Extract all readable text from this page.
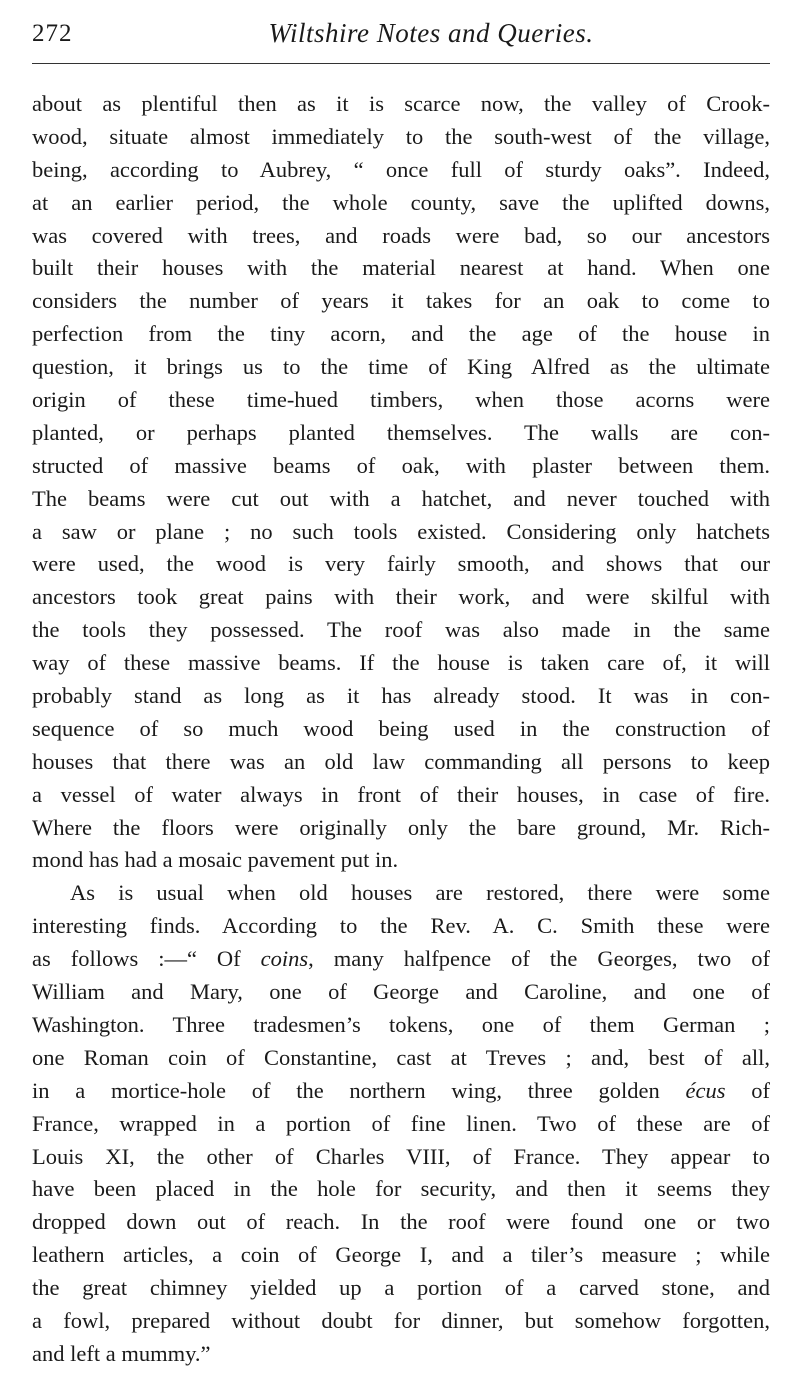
272	Wiltshire Notes and Queries.
about as plentiful then as it is scarce now, the valley of Crook-
wood, situate almost immediately to the south-west of the village,
being, according to Aubrey, “ once full of sturdy oaks”. Indeed,
at an earlier period, the whole county, save the uplifted downs,
was covered with trees, and roads were bad, so our ancestors
built their houses with the material nearest at hand. When one
considers the number of years it takes for an oak to come to
perfection from the tiny acorn, and the age of the house in
question, it brings us to the time of King Alfred as the ultimate
origin of these time-hued timbers, when those acorns were
planted, or perhaps planted themselves. The walls are con-
structed of massive beams of oak, with plaster between them.
The beams were cut out with a hatchet, and never touched with
a saw or plane ; no such tools existed. Considering only hatchets
were used, the wood is very fairly smooth, and shows that our
ancestors took great pains with their work, and were skilful with
the tools they possessed. The roof was also made in the same
way of these massive beams. If the house is taken care of, it will
probably stand as long as it has already stood. It was in con-
sequence of so much wood being used in the construction of
houses that there was an old law commanding all persons to keep
a vessel of water always in front of their houses, in case of fire.
Where the floors were originally only the bare ground, Mr. Rich-
mond has had a mosaic pavement put in.
As is usual when old houses are restored, there were some
interesting finds. According to the Rev. A. C. Smith these were
as follows :—“ Of coins, many halfpence of the Georges, two of
William and Mary, one of George and Caroline, and one of
Washington. Three tradesmen’s tokens, one of them German ;
one Roman coin of Constantine, cast at Treves ; and, best of all,
in a mortice-hole of the northern wing, three golden écus of
France, wrapped in a portion of fine linen. Two of these are of
Louis XI, the other of Charles VIII, of France. They appear to
have been placed in the hole for security, and then it seems they
dropped down out of reach. In the roof were found one or two
leathern articles, a coin of George I, and a tiler’s measure ; while
the great chimney yielded up a portion of a carved stone, and
a fowl, prepared without doubt for dinner, but somehow forgotten,
and left a mummy.”
